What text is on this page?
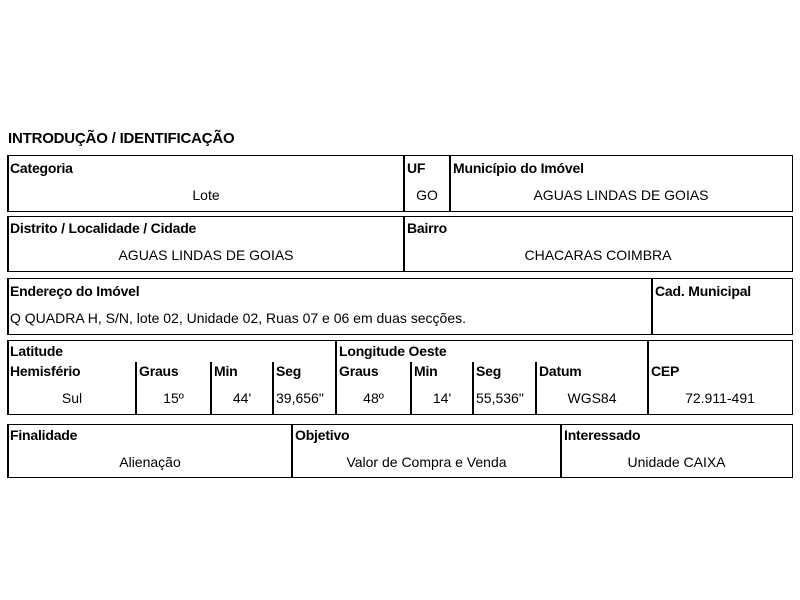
INTRODUÇÃO / IDENTIFICAÇÃO
Categoria
Lote
UF
GO
Município do Imóvel
AGUAS LINDAS DE GOIAS
Distrito / Localidade / Cidade
AGUAS LINDAS DE GOIAS
Bairro
CHACARAS COIMBRA
Endereço do Imóvel
Q QUADRA H, S/N, lote 02, Unidade 02, Ruas 07 e 06 em duas secções.
Cad. Municipal
Latitude
Hemisfério
Sul
Graus
15º
Min
44'
Seg
39,656"
Longitude Oeste
Graus
48º
Min
14'
Seg
55,536"
Datum
WGS84
CEP
72.911-491
Finalidade
Alienação
Objetivo
Valor de Compra e Venda
Interessado
Unidade CAIXA
